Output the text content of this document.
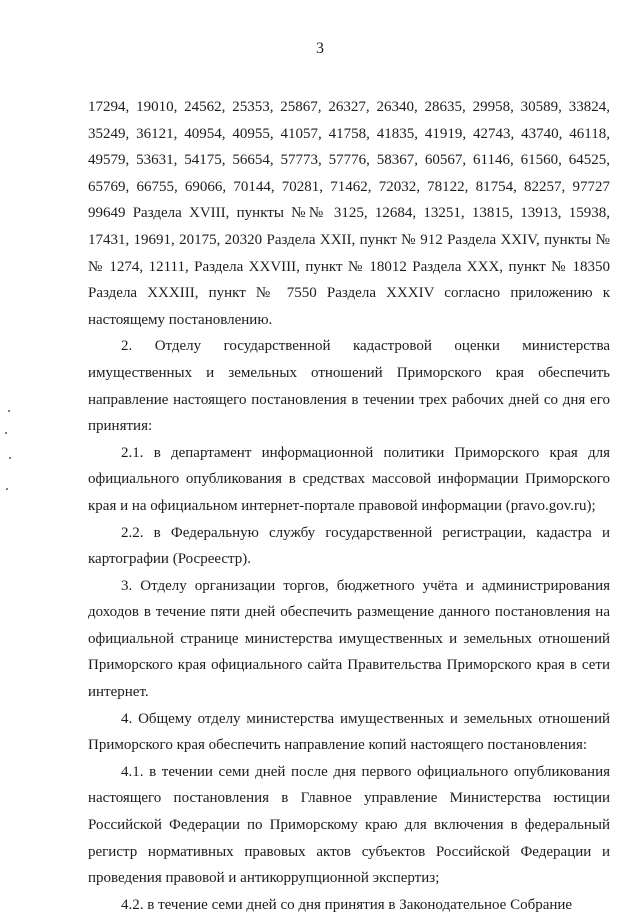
3

17294, 19010, 24562, 25353, 25867, 26327, 26340, 28635, 29958, 30589, 33824, 35249, 36121, 40954, 40955, 41057, 41758, 41835, 41919, 42743, 43740, 46118, 49579, 53631, 54175, 56654, 57773, 57776, 58367, 60567, 61146, 61560, 64525, 65769, 66755, 69066, 70144, 70281, 71462, 72032, 78122, 81754, 82257, 97727 99649 Раздела XVIII, пункты №№ 3125, 12684, 13251, 13815, 13913, 15938, 17431, 19691, 20175, 20320 Раздела XXII, пункт № 912 Раздела XXIV, пункты №№ 1274, 12111, Раздела XXVIII, пункт № 18012 Раздела XXX, пункт № 18350 Раздела XXXIII, пункт № 7550 Раздела XXXIV согласно приложению к настоящему постановлению.

2. Отделу государственной кадастровой оценки министерства имущественных и земельных отношений Приморского края обеспечить направление настоящего постановления в течении трех рабочих дней со дня его принятия:

2.1. в департамент информационной политики Приморского края для официального опубликования в средствах массовой информации Приморского края и на официальном интернет-портале правовой информации (pravo.gov.ru);

2.2. в Федеральную службу государственной регистрации, кадастра и картографии (Росреестр).

3. Отделу организации торгов, бюджетного учёта и администрирования доходов в течение пяти дней обеспечить размещение данного постановления на официальной странице министерства имущественных и земельных отношений Приморского края официального сайта Правительства Приморского края в сети интернет.

4. Общему отделу министерства имущественных и земельных отношений Приморского края обеспечить направление копий настоящего постановления:

4.1. в течении семи дней после дня первого официального опубликования настоящего постановления в Главное управление Министерства юстиции Российской Федерации по Приморскому краю для включения в федеральный регистр нормативных правовых актов субъектов Российской Федерации и проведения правовой и антикоррупционной экспертиз;

4.2. в течение семи дней со дня принятия в Законодательное Собрание
